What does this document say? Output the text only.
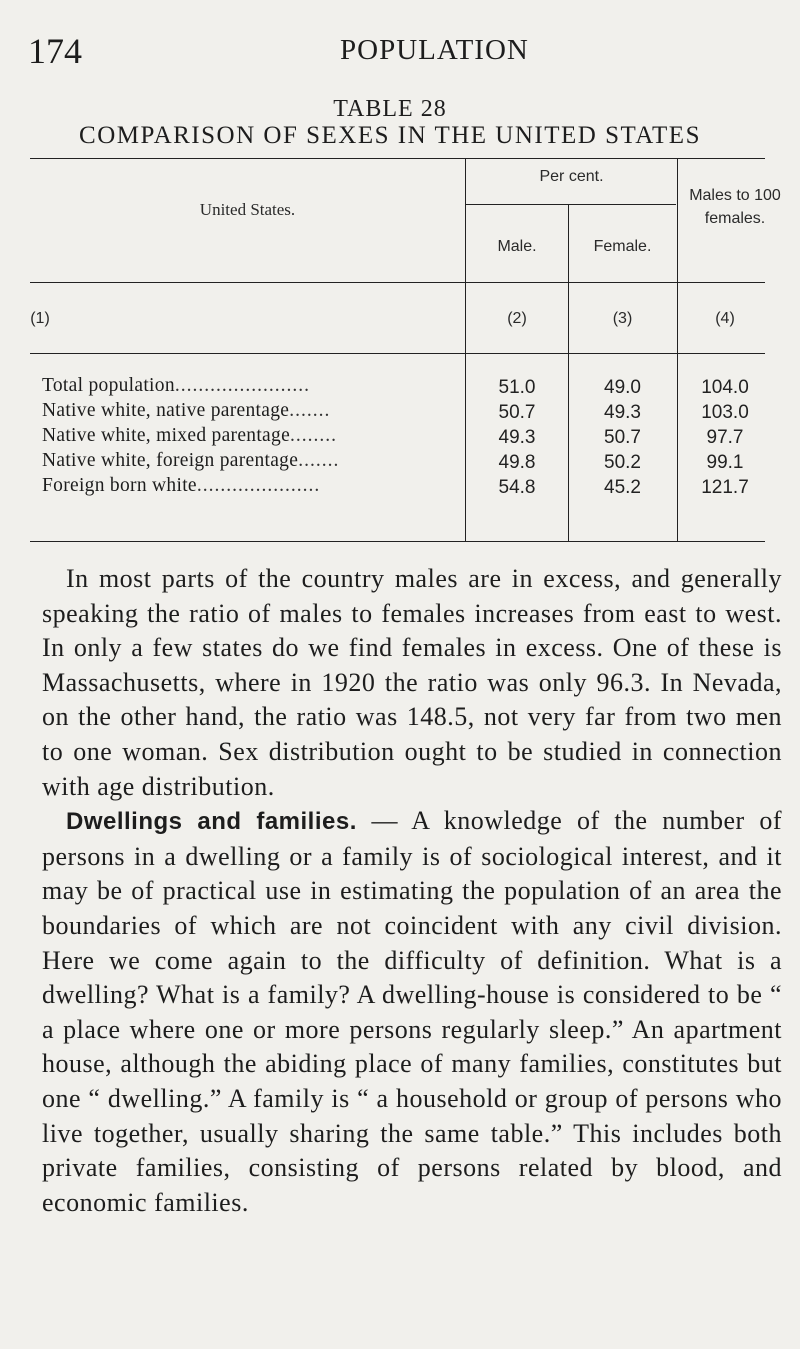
174	POPULATION
TABLE 28
COMPARISON OF SEXES IN THE UNITED STATES
United States.
Per cent.
Male.	Female.
Males to 100 females.
(1)	(2)	(3)	(4)
Total population.......................	51.0	49.0	104.0
Native white, native parentage.......	50.7	49.3	103.0
Native white, mixed parentage........	49.3	50.7	97.7
Native white, foreign parentage.......	49.8	50.2	99.1
Foreign born white.....................	54.8	45.2	121.7

In most parts of the country males are in excess, and generally speaking the ratio of males to females increases from east to west. In only a few states do we find females in excess. One of these is Massachusetts, where in 1920 the ratio was only 96.3. In Nevada, on the other hand, the ratio was 148.5, not very far from two men to one woman. Sex distribution ought to be studied in connection with age distribution.

Dwellings and families. — A knowledge of the number of persons in a dwelling or a family is of sociological interest, and it may be of practical use in estimating the population of an area the boundaries of which are not coincident with any civil division. Here we come again to the difficulty of definition. What is a dwelling? What is a family? A dwelling-house is considered to be “ a place where one or more persons regularly sleep.” An apartment house, although the abiding place of many families, constitutes but one “ dwelling.” A family is “ a household or group of persons who live together, usually sharing the same table.” This includes both private families, consisting of persons related by blood, and economic families.
